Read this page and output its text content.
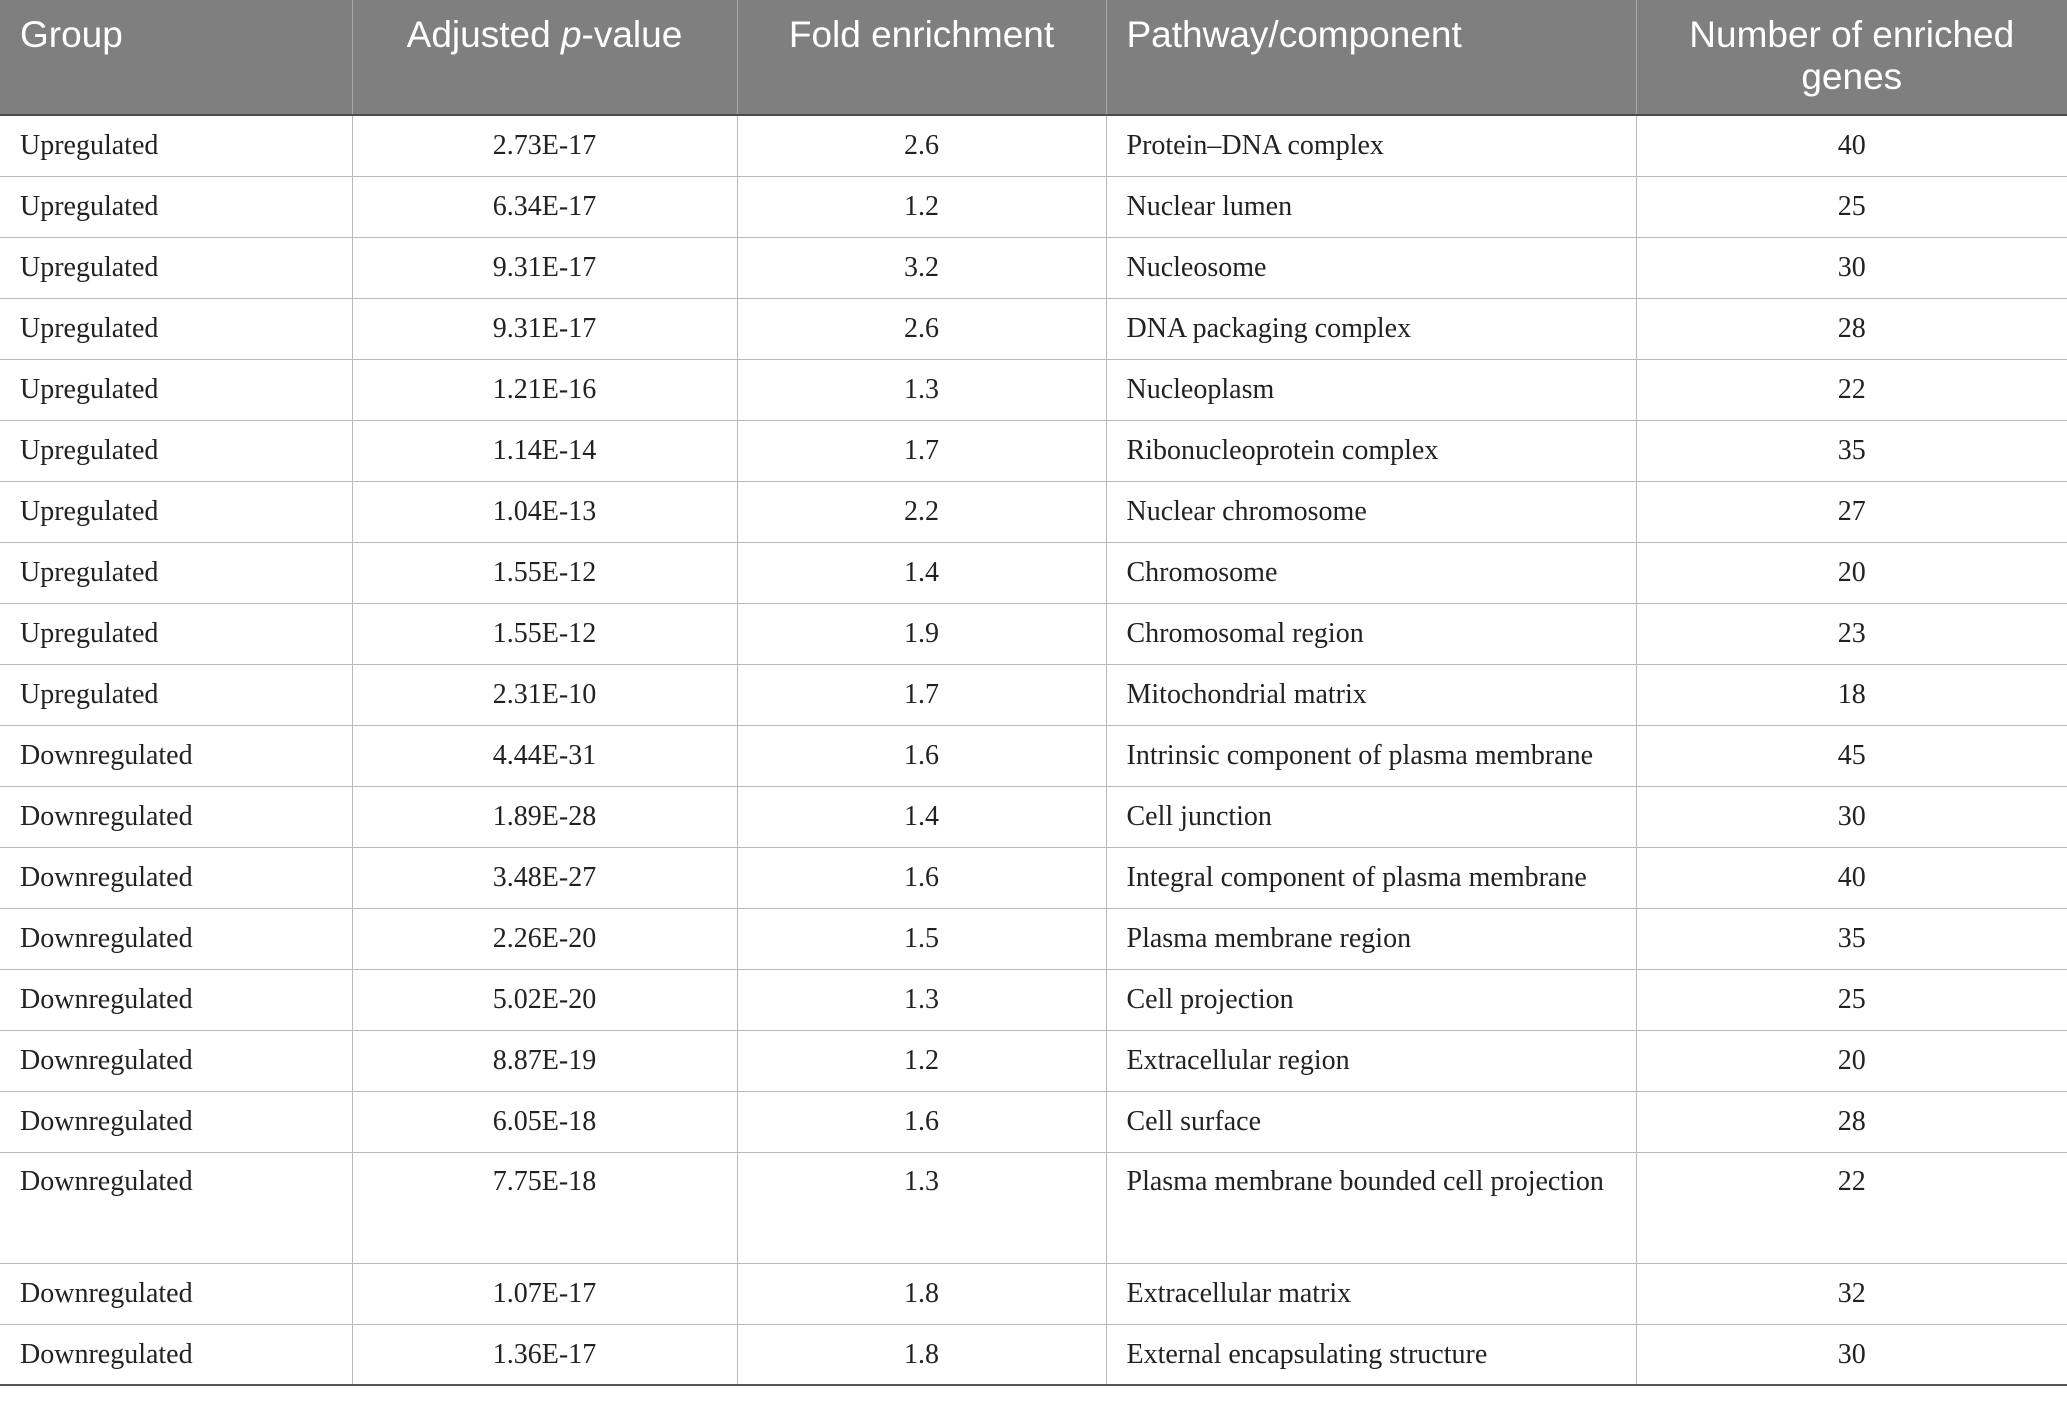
Group	Adjusted p-value	Fold enrichment	Pathway/component	Number of enriched genes
Upregulated	2.73E-17	2.6	Protein–DNA complex	40
Upregulated	6.34E-17	1.2	Nuclear lumen	25
Upregulated	9.31E-17	3.2	Nucleosome	30
Upregulated	9.31E-17	2.6	DNA packaging complex	28
Upregulated	1.21E-16	1.3	Nucleoplasm	22
Upregulated	1.14E-14	1.7	Ribonucleoprotein complex	35
Upregulated	1.04E-13	2.2	Nuclear chromosome	27
Upregulated	1.55E-12	1.4	Chromosome	20
Upregulated	1.55E-12	1.9	Chromosomal region	23
Upregulated	2.31E-10	1.7	Mitochondrial matrix	18
Downregulated	4.44E-31	1.6	Intrinsic component of plasma membrane	45
Downregulated	1.89E-28	1.4	Cell junction	30
Downregulated	3.48E-27	1.6	Integral component of plasma membrane	40
Downregulated	2.26E-20	1.5	Plasma membrane region	35
Downregulated	5.02E-20	1.3	Cell projection	25
Downregulated	8.87E-19	1.2	Extracellular region	20
Downregulated	6.05E-18	1.6	Cell surface	28
Downregulated	7.75E-18	1.3	Plasma membrane bounded cell projection	22
Downregulated	1.07E-17	1.8	Extracellular matrix	32
Downregulated	1.36E-17	1.8	External encapsulating structure	30
